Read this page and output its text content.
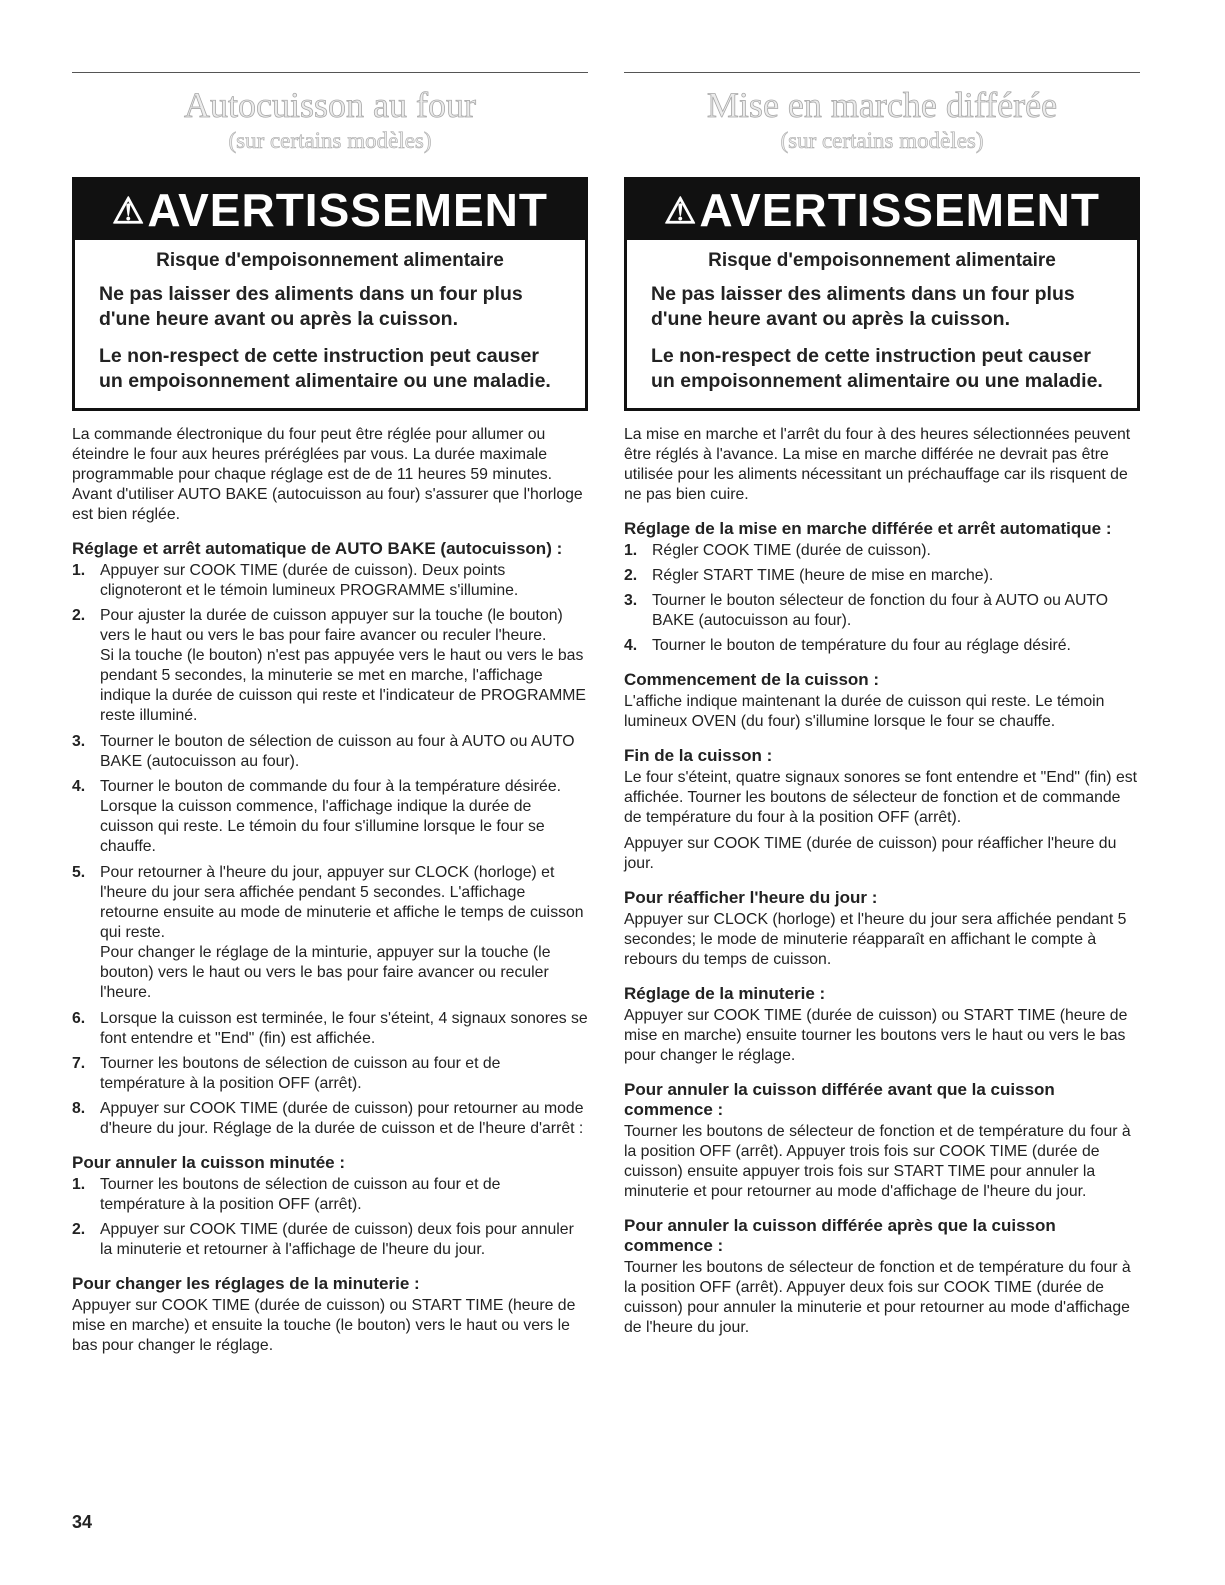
Autocuisson au four
(sur certains modèles)
⚠AVERTISSEMENT
Risque d'empoisonnement alimentaire

Ne pas laisser des aliments dans un four plus d'une heure avant ou après la cuisson.

Le non-respect de cette instruction peut causer un empoisonnement alimentaire ou une maladie.

La commande électronique du four peut être réglée pour allumer ou éteindre le four aux heures préréglées par vous. La durée maximale programmable pour chaque réglage est de de 11 heures 59 minutes. Avant d'utiliser AUTO BAKE (autocuisson au four) s'assurer que l'horloge est bien réglée.

Réglage et arrêt automatique de AUTO BAKE (autocuisson) :
1. Appuyer sur COOK TIME (durée de cuisson). Deux points clignoteront et le témoin lumineux PROGRAMME s'illumine.
2. Pour ajuster la durée de cuisson appuyer sur la touche (le bouton) vers le haut ou vers le bas pour faire avancer ou reculer l'heure.

Si la touche (le bouton) n'est pas appuyée vers le haut ou vers le bas pendant 5 secondes, la minuterie se met en marche, l'affichage indique la durée de cuisson qui reste et l'indicateur de PROGRAMME reste illuminé.

3. Tourner le bouton de sélection de cuisson au four à AUTO ou AUTO BAKE (autocuisson au four).
4. Tourner le bouton de commande du four à la température désirée.

Lorsque la cuisson commence, l'affichage indique la durée de cuisson qui reste. Le témoin du four s'illumine lorsque le four se chauffe.

5. Pour retourner à l'heure du jour, appuyer sur CLOCK (horloge) et l'heure du jour sera affichée pendant 5 secondes. L'affichage retourne ensuite au mode de minuterie et affiche le temps de cuisson qui reste.

Pour changer le réglage de la minturie, appuyer sur la touche (le bouton) vers le haut ou vers le bas pour faire avancer ou reculer l'heure.

6. Lorsque la cuisson est terminée, le four s'éteint, 4 signaux sonores se font entendre et "End" (fin) est affichée.
7. Tourner les boutons de sélection de cuisson au four et de température à la position OFF (arrêt).
8. Appuyer sur COOK TIME (durée de cuisson) pour retourner au mode d'heure du jour. Réglage de la durée de cuisson et de l'heure d'arrêt :
Pour annuler la cuisson minutée :
1. Tourner les boutons de sélection de cuisson au four et de température à la position OFF (arrêt).
2. Appuyer sur COOK TIME (durée de cuisson) deux fois pour annuler la minuterie et retourner à l'affichage de l'heure du jour.
Pour changer les réglages de la minuterie :

Appuyer sur COOK TIME (durée de cuisson) ou START TIME (heure de mise en marche) et ensuite la touche (le bouton) vers le haut ou vers le bas pour changer le réglage.

Mise en marche différée
(sur certains modèles)
⚠AVERTISSEMENT
Risque d'empoisonnement alimentaire

Ne pas laisser des aliments dans un four plus d'une heure avant ou après la cuisson.

Le non-respect de cette instruction peut causer un empoisonnement alimentaire ou une maladie.

La mise en marche et l'arrêt du four à des heures sélectionnées peuvent être réglés à l'avance. La mise en marche différée ne devrait pas être utilisée pour les aliments nécessitant un préchauffage car ils risquent de ne pas bien cuire.

Réglage de la mise en marche différée et arrêt automatique :
1. Régler COOK TIME (durée de cuisson).
2. Régler START TIME (heure de mise en marche).
3. Tourner le bouton sélecteur de fonction du four à AUTO ou AUTO BAKE (autocuisson au four).
4. Tourner le bouton de température du four au réglage désiré.
Commencement de la cuisson :

L'affiche indique maintenant la durée de cuisson qui reste. Le témoin lumineux OVEN (du four) s'illumine lorsque le four se chauffe.

Fin de la cuisson :

Le four s'éteint, quatre signaux sonores se font entendre et "End" (fin) est affichée. Tourner les boutons de sélecteur de fonction et de commande de température du four à la position OFF (arrêt).

Appuyer sur COOK TIME (durée de cuisson) pour réafficher l'heure du jour.

Pour réafficher l'heure du jour :

Appuyer sur CLOCK (horloge) et l'heure du jour sera affichée pendant 5 secondes; le mode de minuterie réapparaît en affichant le compte à rebours du temps de cuisson.

Réglage de la minuterie :

Appuyer sur COOK TIME (durée de cuisson) ou START TIME (heure de mise en marche) ensuite tourner les boutons vers le haut ou vers le bas pour changer le réglage.

Pour annuler la cuisson différée avant que la cuisson commence :

Tourner les boutons de sélecteur de fonction et de température du four à la position OFF (arrêt). Appuyer trois fois sur COOK TIME (durée de cuisson) ensuite appuyer trois fois sur START TIME pour annuler la minuterie et pour retourner au mode d'affichage de l'heure du jour.

Pour annuler la cuisson différée après que la cuisson commence :

Tourner les boutons de sélecteur de fonction et de température du four à la position OFF (arrêt). Appuyer deux fois sur COOK TIME (durée de cuisson) pour annuler la minuterie et pour retourner au mode d'affichage de l'heure du jour.

34
